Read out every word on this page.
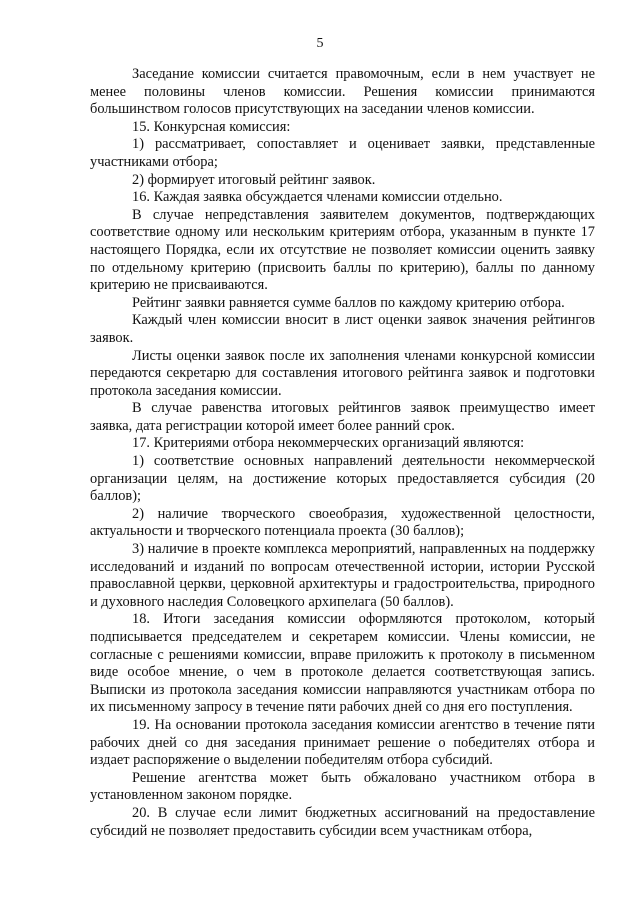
5

Заседание комиссии считается правомочным, если в нем участвует не менее половины членов комиссии. Решения комиссии принимаются большинством голосов присутствующих на заседании членов комиссии.

15. Конкурсная комиссия:

1) рассматривает, сопоставляет и оценивает заявки, представленные участниками отбора;

2) формирует итоговый рейтинг заявок.

16. Каждая заявка обсуждается членами комиссии отдельно.

В случае непредставления заявителем документов, подтверждающих соответствие одному или нескольким критериям отбора, указанным в пункте 17 настоящего Порядка, если их отсутствие не позволяет комиссии оценить заявку по отдельному критерию (присвоить баллы по критерию), баллы по данному критерию не присваиваются.

Рейтинг заявки равняется сумме баллов по каждому критерию отбора.

Каждый член комиссии вносит в лист оценки заявок значения рейтингов заявок.

Листы оценки заявок после их заполнения членами конкурсной комиссии передаются секретарю для составления итогового рейтинга заявок и подготовки протокола заседания комиссии.

В случае равенства итоговых рейтингов заявок преимущество имеет заявка, дата регистрации которой имеет более ранний срок.

17. Критериями отбора некоммерческих организаций являются:

1) соответствие основных направлений деятельности некоммерческой организации целям, на достижение которых предоставляется субсидия (20 баллов);

2) наличие творческого своеобразия, художественной целостности, актуальности и творческого потенциала проекта (30 баллов);

3) наличие в проекте комплекса мероприятий, направленных на поддержку исследований и изданий по вопросам отечественной истории, истории Русской православной церкви, церковной архитектуры и градостроительства, природного и духовного наследия Соловецкого архипелага (50 баллов).

18. Итоги заседания комиссии оформляются протоколом, который подписывается председателем и секретарем комиссии. Члены комиссии, не согласные с решениями комиссии, вправе приложить к протоколу в письменном виде особое мнение, о чем в протоколе делается соответствующая запись. Выписки из протокола заседания комиссии направляются участникам отбора по их письменному запросу в течение пяти рабочих дней со дня его поступления.

19. На основании протокола заседания комиссии агентство в течение пяти рабочих дней со дня заседания принимает решение о победителях отбора и издает распоряжение о выделении победителям отбора субсидий.

Решение агентства может быть обжаловано участником отбора в установленном законом порядке.

20. В случае если лимит бюджетных ассигнований на предоставление субсидий не позволяет предоставить субсидии всем участникам отбора,
